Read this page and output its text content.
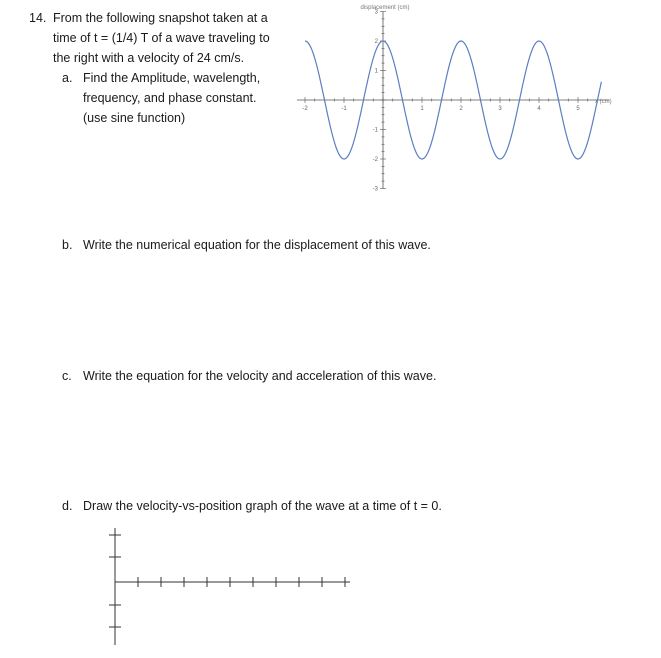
14. From the following snapshot taken at a
time of t = (1/4) T of a wave traveling to
the right with a velocity of 24 cm/s.
a. Find the Amplitude, wavelength,
frequency, and phase constant.
(use sine function)
displacement (cm)
x (cm)
-2	-1	1	2	3	4	5
3
2
1
-1
-2
-3
b. Write the numerical equation for the displacement of this wave.
c. Write the equation for the velocity and acceleration of this wave.
d. Draw the velocity-vs-position graph of the wave at a time of t = 0.
